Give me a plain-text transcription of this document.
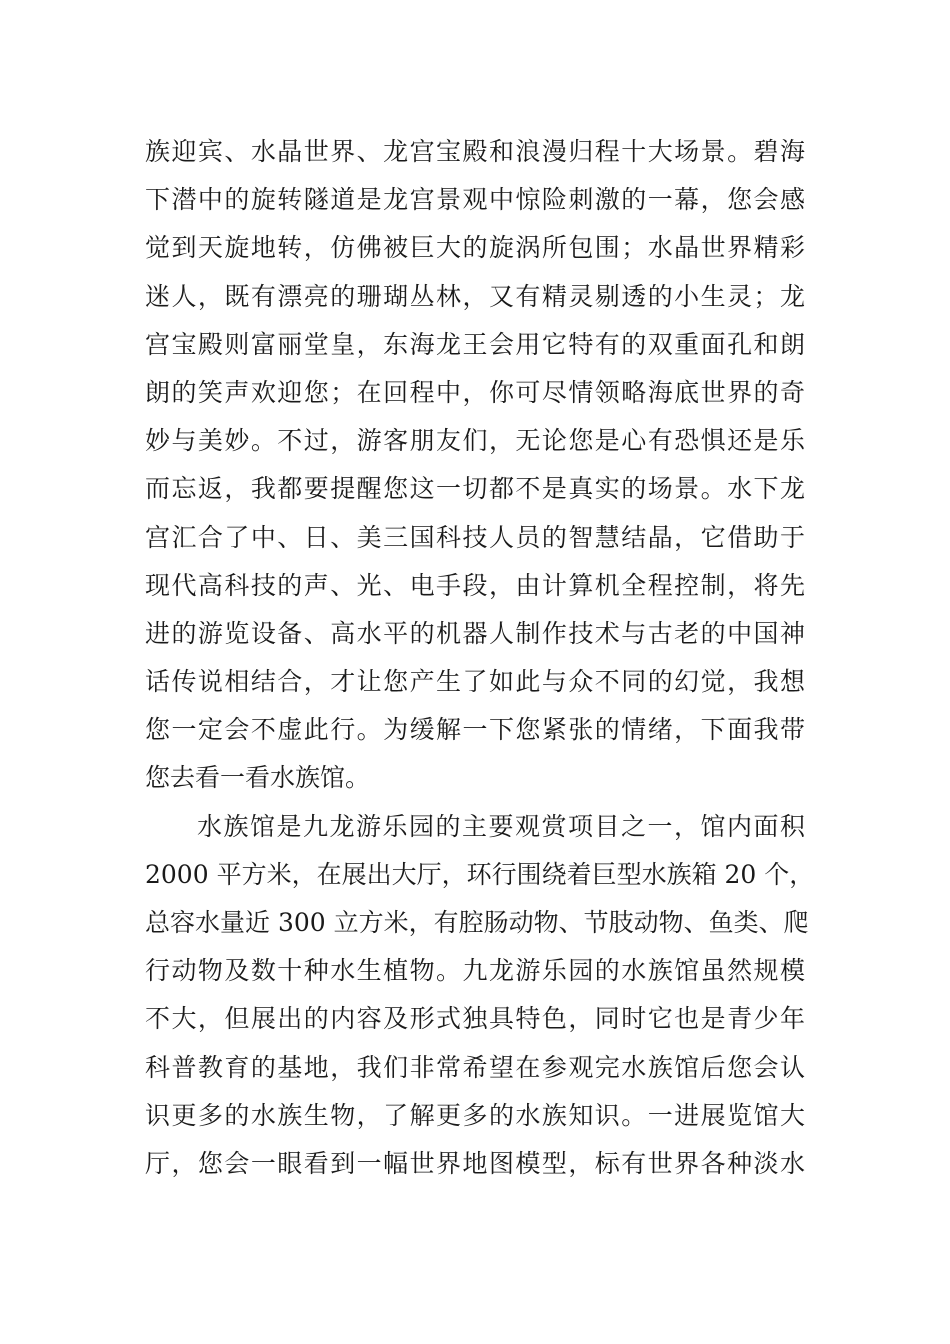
族迎宾、水晶世界、龙宫宝殿和浪漫归程十大场景。碧海
下潜中的旋转隧道是龙宫景观中惊险刺激的一幕，您会感
觉到天旋地转，仿佛被巨大的旋涡所包围；水晶世界精彩
迷人，既有漂亮的珊瑚丛林，又有精灵剔透的小生灵；龙
宫宝殿则富丽堂皇，东海龙王会用它特有的双重面孔和朗
朗的笑声欢迎您；在回程中，你可尽情领略海底世界的奇
妙与美妙。不过，游客朋友们，无论您是心有恐惧还是乐
而忘返，我都要提醒您这一切都不是真实的场景。水下龙
宫汇合了中、日、美三国科技人员的智慧结晶，它借助于
现代高科技的声、光、电手段，由计算机全程控制，将先
进的游览设备、高水平的机器人制作技术与古老的中国神
话传说相结合，才让您产生了如此与众不同的幻觉，我想
您一定会不虚此行。为缓解一下您紧张的情绪，下面我带
您去看一看水族馆。
水族馆是九龙游乐园的主要观赏项目之一，馆内面积
2000 平方米，在展出大厅，环行围绕着巨型水族箱 20 个，
总容水量近 300 立方米，有腔肠动物、节肢动物、鱼类、爬
行动物及数十种水生植物。九龙游乐园的水族馆虽然规模
不大，但展出的内容及形式独具特色，同时它也是青少年
科普教育的基地，我们非常希望在参观完水族馆后您会认
识更多的水族生物，了解更多的水族知识。一进展览馆大
厅，您会一眼看到一幅世界地图模型，标有世界各种淡水
